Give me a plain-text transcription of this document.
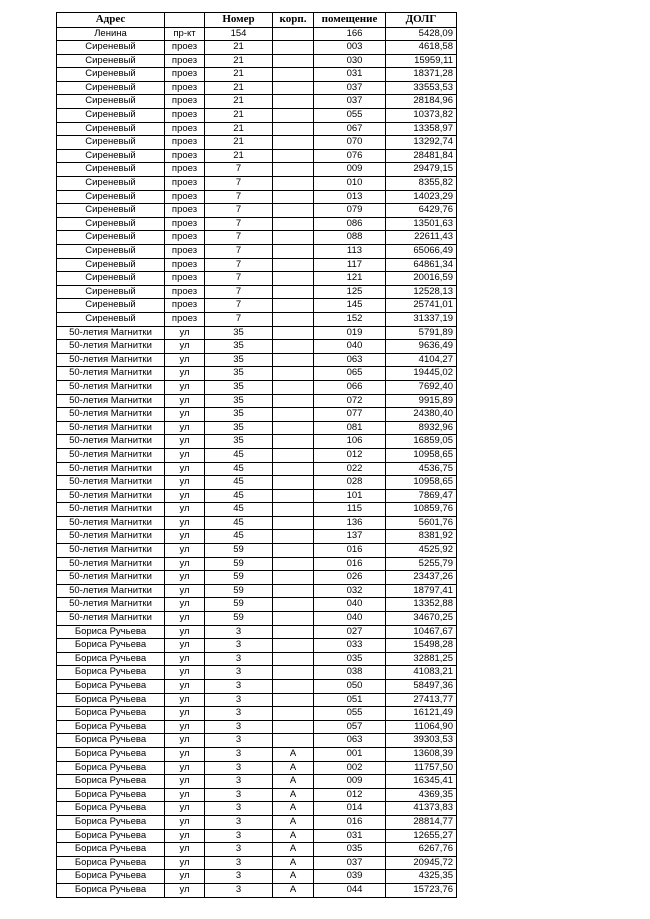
Адрес		Номер	корп.	помещение	ДОЛГ
Ленина	пр-кт	154		166	5428,09
Сиреневый	проез	21		003	4618,58
Сиреневый	проез	21		030	15959,11
Сиреневый	проез	21		031	18371,28
Сиреневый	проез	21		037	33553,53
Сиреневый	проез	21		037	28184,96
Сиреневый	проез	21		055	10373,82
Сиреневый	проез	21		067	13358,97
Сиреневый	проез	21		070	13292,74
Сиреневый	проез	21		076	28481,84
Сиреневый	проез	7		009	29479,15
Сиреневый	проез	7		010	8355,82
Сиреневый	проез	7		013	14023,29
Сиреневый	проез	7		079	6429,76
Сиреневый	проез	7		086	13501,63
Сиреневый	проез	7		088	22611,43
Сиреневый	проез	7		113	65066,49
Сиреневый	проез	7		117	64861,34
Сиреневый	проез	7		121	20016,59
Сиреневый	проез	7		125	12528,13
Сиреневый	проез	7		145	25741,01
Сиреневый	проез	7		152	31337,19
50-летия Магнитки	ул	35		019	5791,89
50-летия Магнитки	ул	35		040	9636,49
50-летия Магнитки	ул	35		063	4104,27
50-летия Магнитки	ул	35		065	19445,02
50-летия Магнитки	ул	35		066	7692,40
50-летия Магнитки	ул	35		072	9915,89
50-летия Магнитки	ул	35		077	24380,40
50-летия Магнитки	ул	35		081	8932,96
50-летия Магнитки	ул	35		106	16859,05
50-летия Магнитки	ул	45		012	10958,65
50-летия Магнитки	ул	45		022	4536,75
50-летия Магнитки	ул	45		028	10958,65
50-летия Магнитки	ул	45		101	7869,47
50-летия Магнитки	ул	45		115	10859,76
50-летия Магнитки	ул	45		136	5601,76
50-летия Магнитки	ул	45		137	8381,92
50-летия Магнитки	ул	59		016	4525,92
50-летия Магнитки	ул	59		016	5255,79
50-летия Магнитки	ул	59		026	23437,26
50-летия Магнитки	ул	59		032	18797,41
50-летия Магнитки	ул	59		040	13352,88
50-летия Магнитки	ул	59		040	34670,25
Бориса Ручьева	ул	3		027	10467,67
Бориса Ручьева	ул	3		033	15498,28
Бориса Ручьева	ул	3		035	32881,25
Бориса Ручьева	ул	3		038	41083,21
Бориса Ручьева	ул	3		050	58497,36
Бориса Ручьева	ул	3		051	27413,77
Бориса Ручьева	ул	3		055	16121,49
Бориса Ручьева	ул	3		057	11064,90
Бориса Ручьева	ул	3		063	39303,53
Бориса Ручьева	ул	3	А	001	13608,39
Бориса Ручьева	ул	3	А	002	11757,50
Бориса Ручьева	ул	3	А	009	16345,41
Бориса Ручьева	ул	3	А	012	4369,35
Бориса Ручьева	ул	3	А	014	41373,83
Бориса Ручьева	ул	3	А	016	28814,77
Бориса Ручьева	ул	3	А	031	12655,27
Бориса Ручьева	ул	3	А	035	6267,76
Бориса Ручьева	ул	3	А	037	20945,72
Бориса Ручьева	ул	3	А	039	4325,35
Бориса Ручьева	ул	3	А	044	15723,76
